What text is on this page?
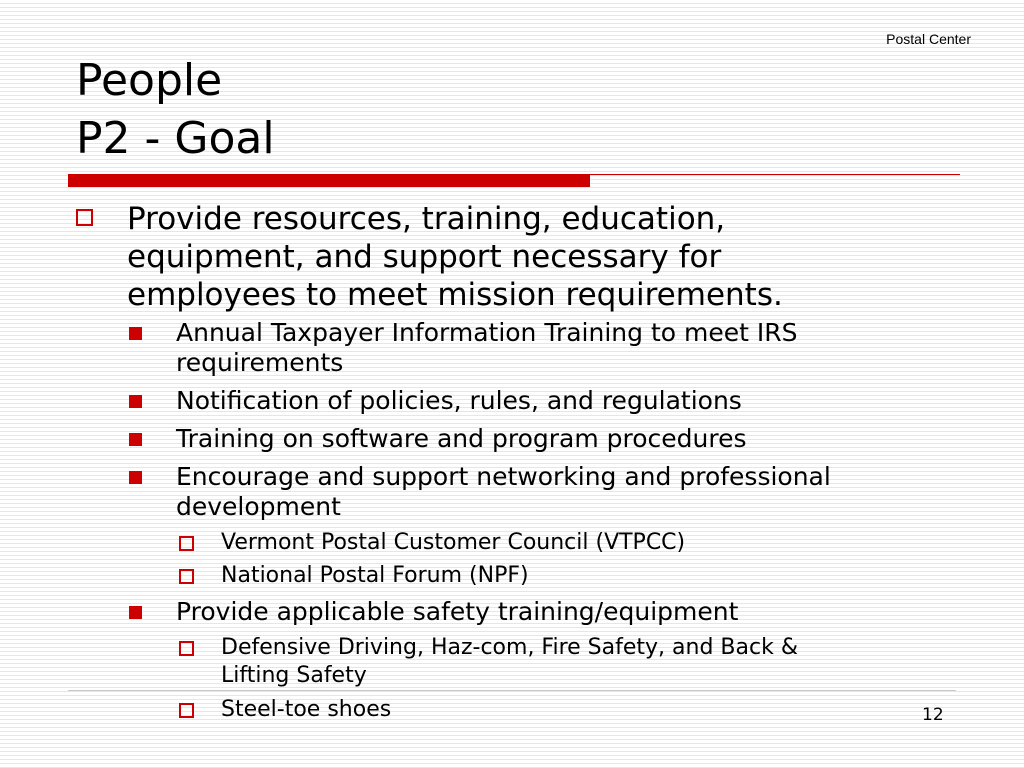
Postal Center
People
P2 - Goal
Provide resources, training, education,
equipment, and support necessary for
employees to meet mission requirements.
Annual Taxpayer Information Training to meet IRS
requirements
Notification of policies, rules, and regulations
Training on software and program procedures
Encourage and support networking and professional
development
Vermont Postal Customer Council (VTPCC)
National Postal Forum (NPF)
Provide applicable safety training/equipment
Defensive Driving, Haz-com, Fire Safety, and Back &
Lifting Safety
Steel-toe shoes	12
